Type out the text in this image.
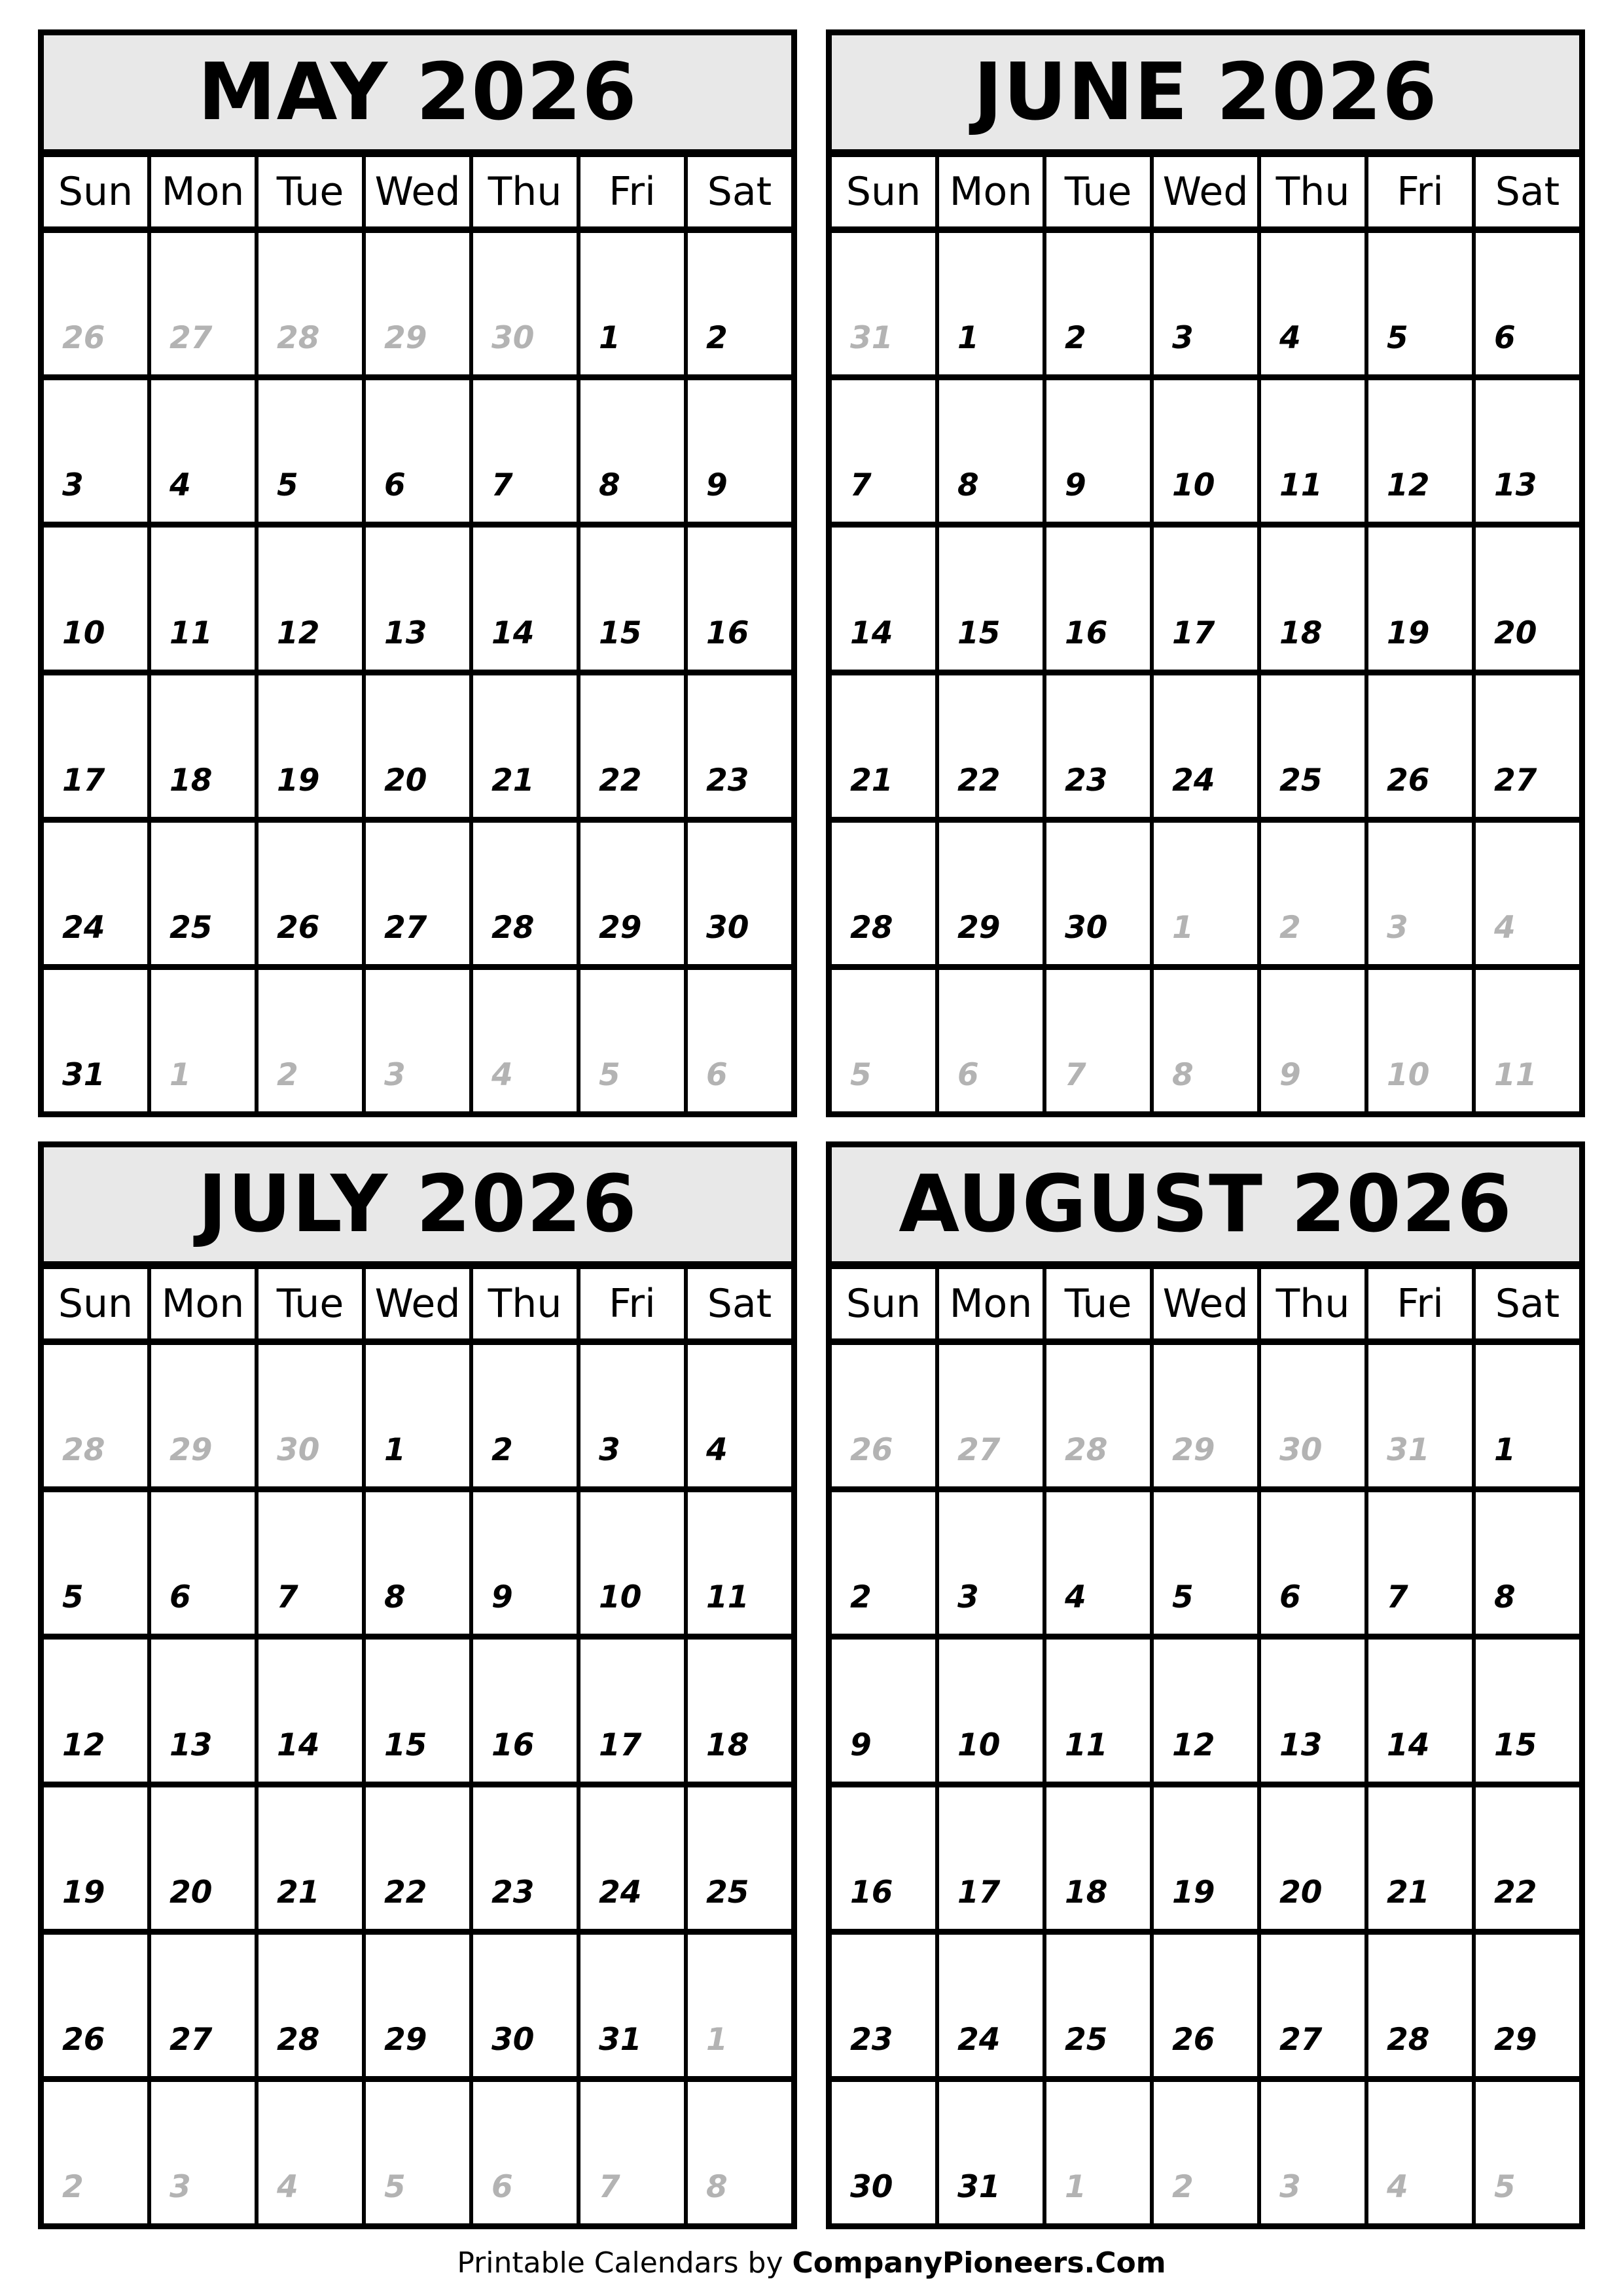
MAY 2026
Sun Mon Tue Wed Thu	Fri	Sat
26 27 28 29 30 1	2
3	4	5	6	7	8	9
10 11 12 13 14 15 16
17 18 19 20 21 22 23
24 25 26 27 28 29 30
31 1	2	3	4	5	6
JUNE 2026
Sun Mon Tue Wed Thu	Fri	Sat
31 1	2	3	4	5	6
7	8	9	10 11 12 13
14 15 16 17 18 19 20
21 22 23 24 25 26 27
28 29 30 1	2	3	4
5	6	7	8	9	10 11
JULY 2026
Sun Mon Tue Wed Thu	Fri	Sat
28 29 30 1	2	3	4
5	6	7	8	9	10 11
12 13 14 15 16 17 18
19 20 21 22 23 24 25
26 27 28 29 30 31 1
2	3	4	5	6	7	8
AUGUST 2026
Sun Mon Tue Wed Thu	Fri	Sat
26 27 28 29 30 31 1
2	3	4	5	6	7	8
9	10 11 12 13 14 15
16 17 18 19 20 21 22
23 24 25 26 27 28 29
30 31 1	2	3	4	5
Printable Calendars by CompanyPioneers.Com
